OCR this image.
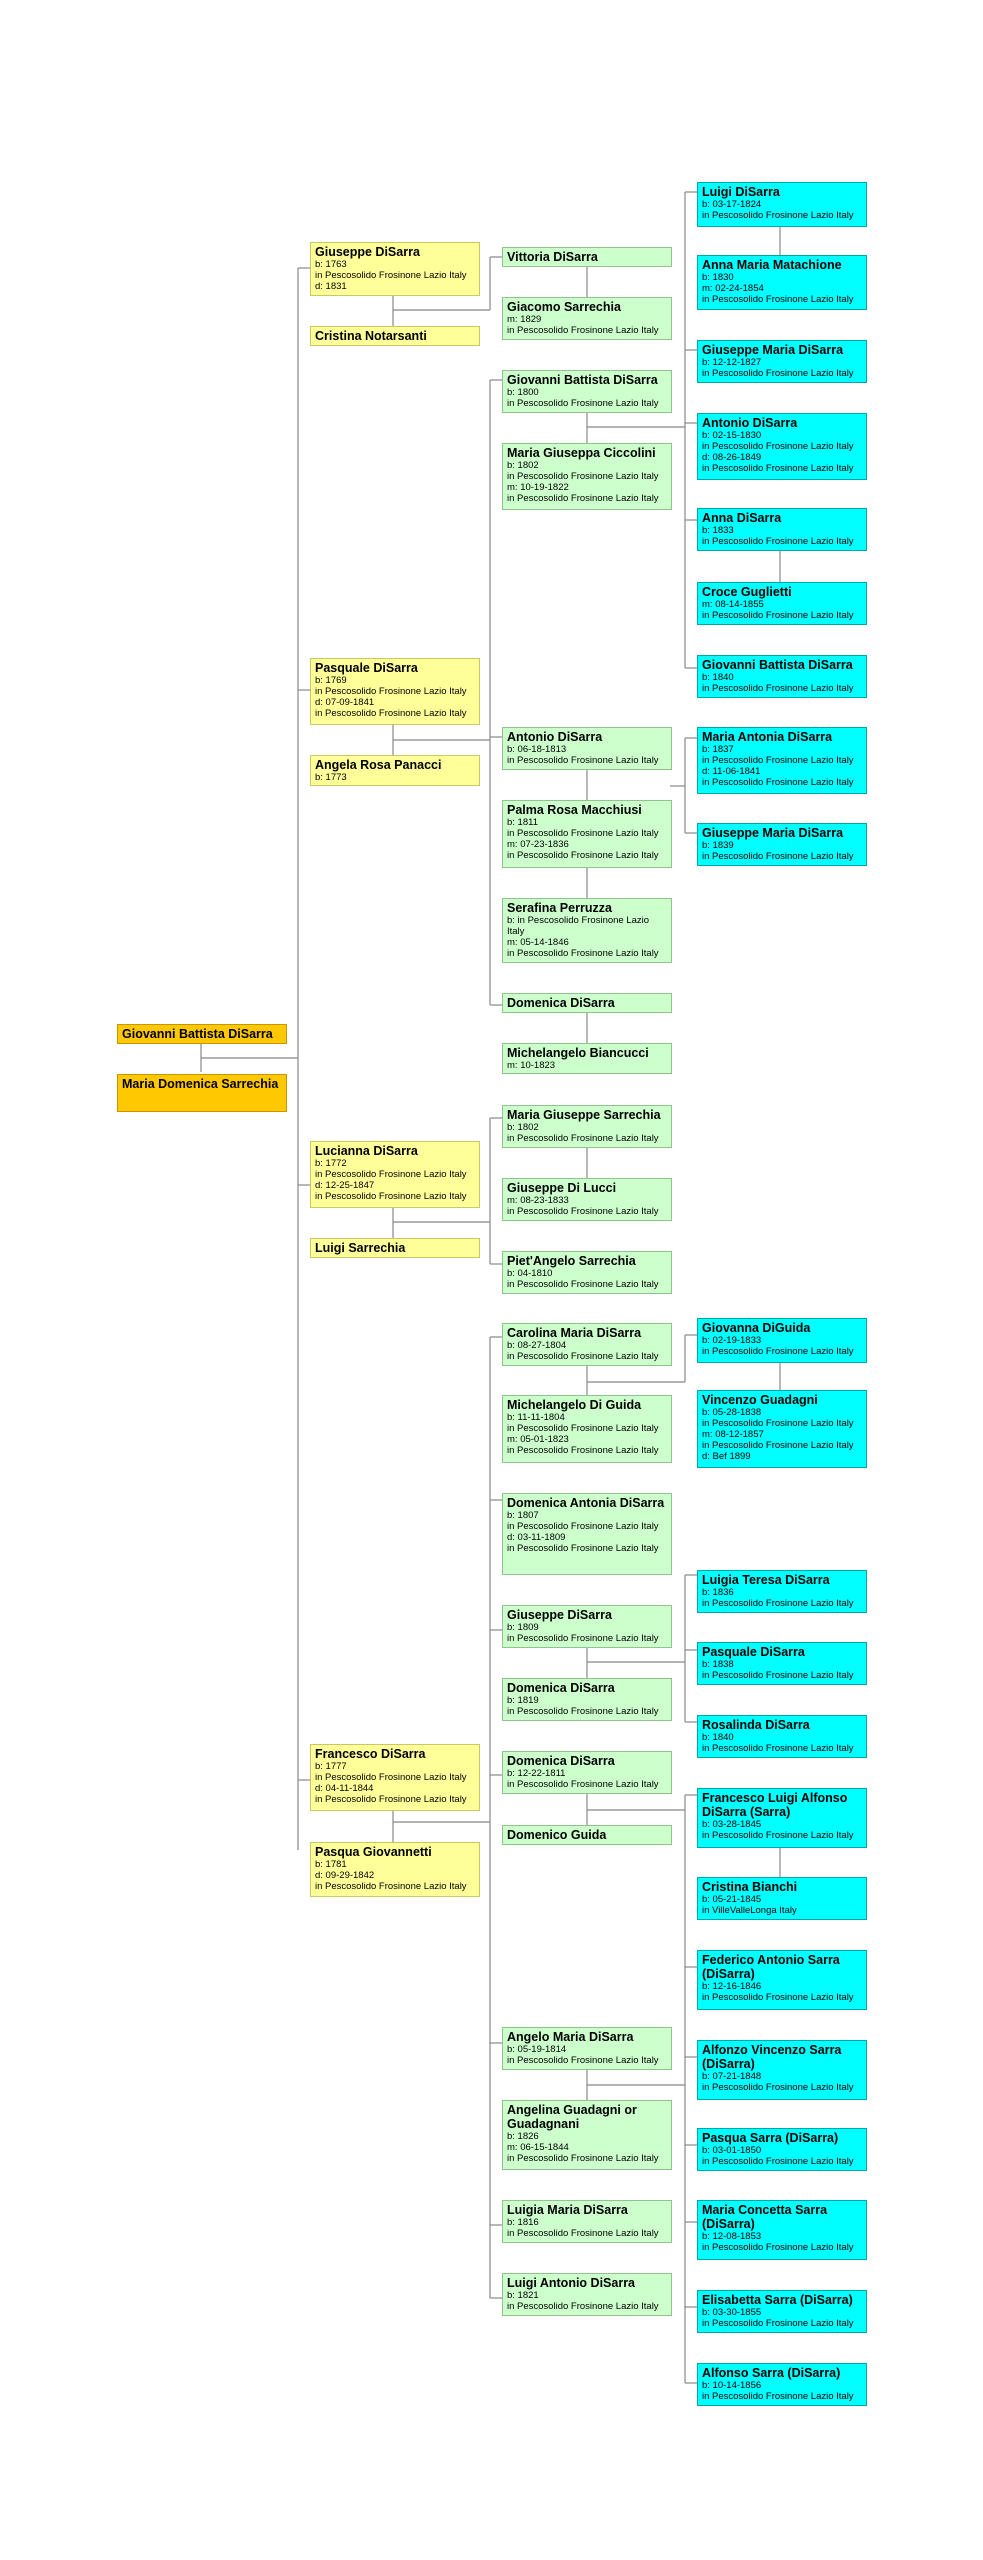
Giovanni Battista DiSarra
Maria Domenica Sarrechia
Giuseppe DiSarra
b: 1763
in Pescosolido Frosinone Lazio Italy
d: 1831
Cristina Notarsanti
Pasquale DiSarra
b: 1769
in Pescosolido Frosinone Lazio Italy
d: 07-09-1841
in Pescosolido Frosinone Lazio Italy
Angela Rosa Panacci
b: 1773
Lucianna DiSarra
b: 1772
in Pescosolido Frosinone Lazio Italy
d: 12-25-1847
in Pescosolido Frosinone Lazio Italy
Luigi Sarrechia
Francesco DiSarra
b: 1777
in Pescosolido Frosinone Lazio Italy
d: 04-11-1844
in Pescosolido Frosinone Lazio Italy
Pasqua Giovannetti
b: 1781
d: 09-29-1842
in Pescosolido Frosinone Lazio Italy
Vittoria DiSarra
Giacomo Sarrechia
m: 1829
in Pescosolido Frosinone Lazio Italy
Giovanni Battista DiSarra
b: 1800
in Pescosolido Frosinone Lazio Italy
Maria Giuseppa Ciccolini
b: 1802
in Pescosolido Frosinone Lazio Italy
m: 10-19-1822
in Pescosolido Frosinone Lazio Italy
Antonio DiSarra
b: 06-18-1813
in Pescosolido Frosinone Lazio Italy
Palma Rosa Macchiusi
b: 1811
in Pescosolido Frosinone Lazio Italy
m: 07-23-1836
in Pescosolido Frosinone Lazio Italy
Serafina Perruzza
b: in Pescosolido Frosinone Lazio Italy
m: 05-14-1846
in Pescosolido Frosinone Lazio Italy
Domenica DiSarra
Michelangelo Biancucci
m: 10-1823
Maria Giuseppe Sarrechia
b: 1802
in Pescosolido Frosinone Lazio Italy
Giuseppe Di Lucci
m: 08-23-1833
in Pescosolido Frosinone Lazio Italy
Piet'Angelo Sarrechia
b: 04-1810
in Pescosolido Frosinone Lazio Italy
Carolina Maria DiSarra
b: 08-27-1804
in Pescosolido Frosinone Lazio Italy
Michelangelo Di Guida
b: 11-11-1804
in Pescosolido Frosinone Lazio Italy
m: 05-01-1823
in Pescosolido Frosinone Lazio Italy
Domenica Antonia DiSarra
b: 1807
in Pescosolido Frosinone Lazio Italy
d: 03-11-1809
in Pescosolido Frosinone Lazio Italy
Giuseppe DiSarra
b: 1809
in Pescosolido Frosinone Lazio Italy
Domenica DiSarra
b: 1819
in Pescosolido Frosinone Lazio Italy
Domenica DiSarra
b: 12-22-1811
in Pescosolido Frosinone Lazio Italy
Domenico Guida
Angelo Maria DiSarra
b: 05-19-1814
in Pescosolido Frosinone Lazio Italy
Angelina Guadagni or Guadagnani
b: 1826
m: 06-15-1844
in Pescosolido Frosinone Lazio Italy
Luigia Maria DiSarra
b: 1816
in Pescosolido Frosinone Lazio Italy
Luigi Antonio DiSarra
b: 1821
in Pescosolido Frosinone Lazio Italy
Luigi DiSarra
b: 03-17-1824
in Pescosolido Frosinone Lazio Italy
Anna Maria Matachione
b: 1830
m: 02-24-1854
in Pescosolido Frosinone Lazio Italy
Giuseppe Maria DiSarra
b: 12-12-1827
in Pescosolido Frosinone Lazio Italy
Antonio DiSarra
b: 02-15-1830
in Pescosolido Frosinone Lazio Italy
d: 08-26-1849
in Pescosolido Frosinone Lazio Italy
Anna DiSarra
b: 1833
in Pescosolido Frosinone Lazio Italy
Croce Guglietti
m: 08-14-1855
in Pescosolido Frosinone Lazio Italy
Giovanni Battista DiSarra
b: 1840
in Pescosolido Frosinone Lazio Italy
Maria Antonia DiSarra
b: 1837
in Pescosolido Frosinone Lazio Italy
d: 11-06-1841
in Pescosolido Frosinone Lazio Italy
Giuseppe Maria DiSarra
b: 1839
in Pescosolido Frosinone Lazio Italy
Giovanna DiGuida
b: 02-19-1833
in Pescosolido Frosinone Lazio Italy
Vincenzo Guadagni
b: 05-28-1838
in Pescosolido Frosinone Lazio Italy
m: 08-12-1857
in Pescosolido Frosinone Lazio Italy
d: Bef 1899
Luigia Teresa DiSarra
b: 1836
in Pescosolido Frosinone Lazio Italy
Pasquale DiSarra
b: 1838
in Pescosolido Frosinone Lazio Italy
Rosalinda DiSarra
b: 1840
in Pescosolido Frosinone Lazio Italy
Francesco Luigi Alfonso DiSarra (Sarra)
b: 03-28-1845
in Pescosolido Frosinone Lazio Italy
Cristina Bianchi
b: 05-21-1845
in VilleValleLonga Italy
Federico Antonio Sarra (DiSarra)
b: 12-16-1846
in Pescosolido Frosinone Lazio Italy
Alfonzo Vincenzo Sarra (DiSarra)
b: 07-21-1848
in Pescosolido Frosinone Lazio Italy
Pasqua Sarra (DiSarra)
b: 03-01-1850
in Pescosolido Frosinone Lazio Italy
Maria Concetta Sarra (DiSarra)
b: 12-08-1853
in Pescosolido Frosinone Lazio Italy
Elisabetta Sarra (DiSarra)
b: 03-30-1855
in Pescosolido Frosinone Lazio Italy
Alfonso Sarra (DiSarra)
b: 10-14-1856
in Pescosolido Frosinone Lazio Italy
